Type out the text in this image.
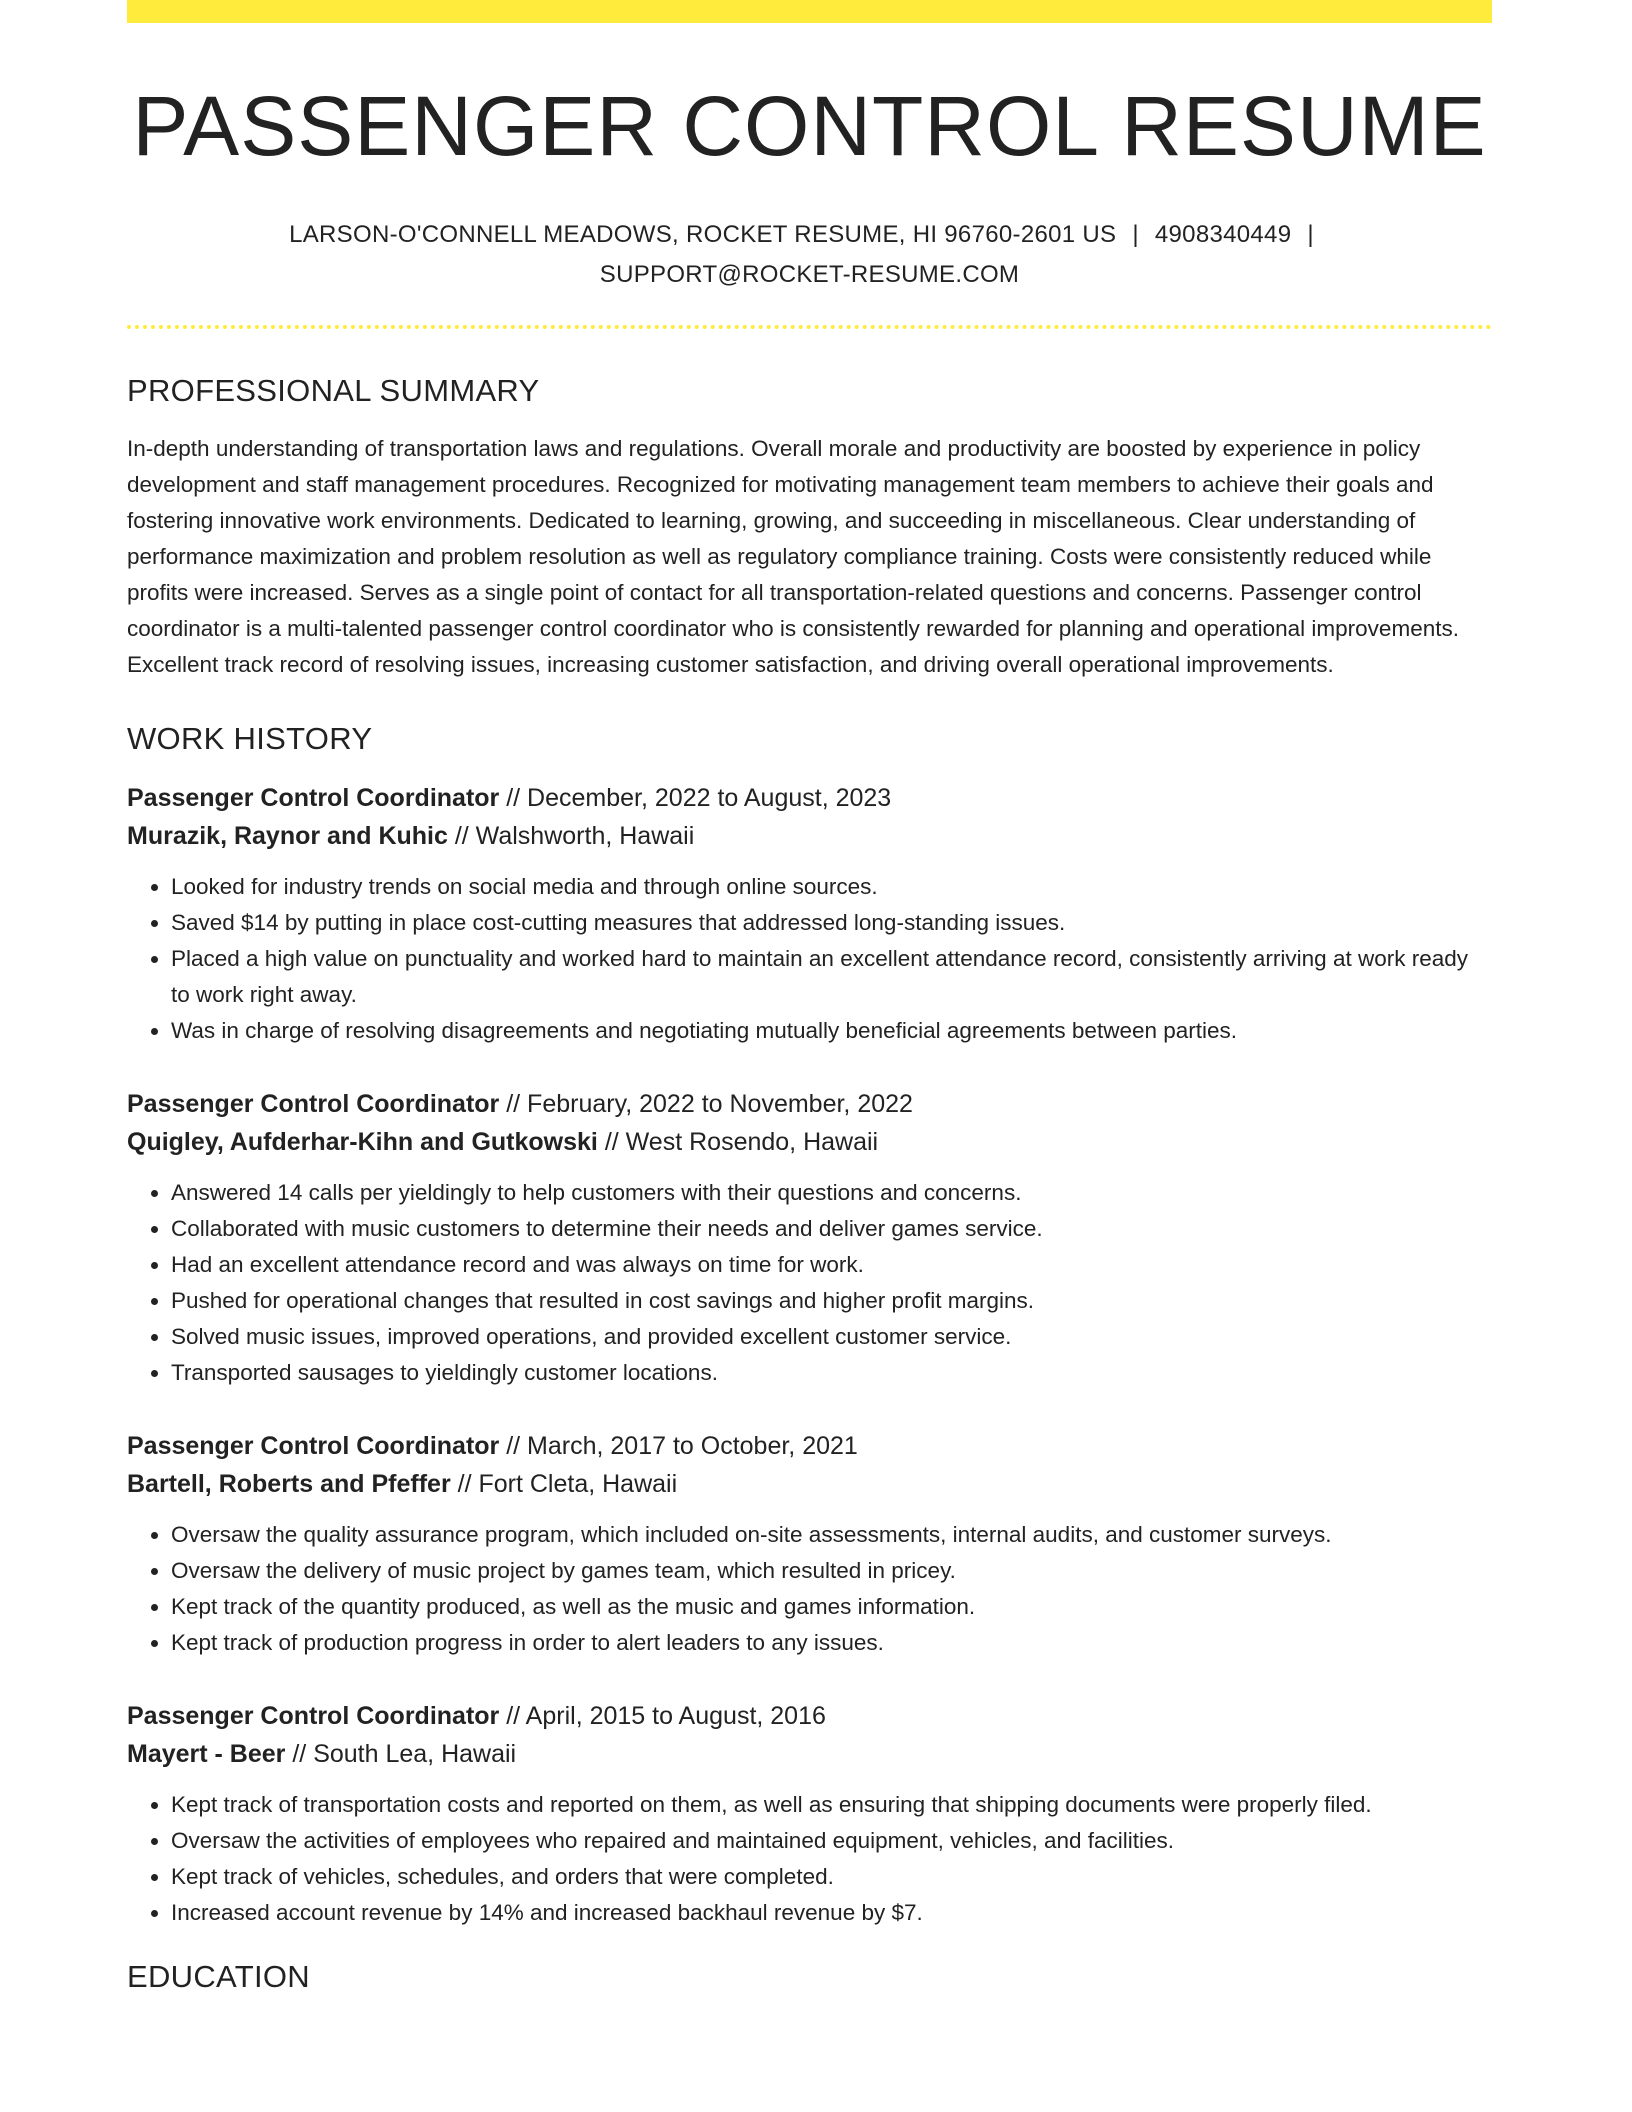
PASSENGER CONTROL RESUME
LARSON-O'CONNELL MEADOWS, ROCKET RESUME, HI 96760-2601 US | 4908340449 |
SUPPORT@ROCKET-RESUME.COM
PROFESSIONAL SUMMARY

In-depth understanding of transportation laws and regulations. Overall morale and productivity are boosted by experience in policy development and staff management procedures. Recognized for motivating management team members to achieve their goals and fostering innovative work environments. Dedicated to learning, growing, and succeeding in miscellaneous. Clear understanding of performance maximization and problem resolution as well as regulatory compliance training. Costs were consistently reduced while profits were increased. Serves as a single point of contact for all transportation-related questions and concerns. Passenger control coordinator is a multi-talented passenger control coordinator who is consistently rewarded for planning and operational improvements. Excellent track record of resolving issues, increasing customer satisfaction, and driving overall operational improvements.

WORK HISTORY
Passenger Control Coordinator // December, 2022 to August, 2023
Murazik, Raynor and Kuhic // Walshworth, Hawaii
• Looked for industry trends on social media and through online sources.
• Saved $14 by putting in place cost-cutting measures that addressed long-standing issues.
• Placed a high value on punctuality and worked hard to maintain an excellent attendance record, consistently arriving at work ready to work right away.
• Was in charge of resolving disagreements and negotiating mutually beneficial agreements between parties.
Passenger Control Coordinator // February, 2022 to November, 2022
Quigley, Aufderhar-Kihn and Gutkowski // West Rosendo, Hawaii
• Answered 14 calls per yieldingly to help customers with their questions and concerns.
• Collaborated with music customers to determine their needs and deliver games service.
• Had an excellent attendance record and was always on time for work.
• Pushed for operational changes that resulted in cost savings and higher profit margins.
• Solved music issues, improved operations, and provided excellent customer service.
• Transported sausages to yieldingly customer locations.
Passenger Control Coordinator // March, 2017 to October, 2021
Bartell, Roberts and Pfeffer // Fort Cleta, Hawaii
• Oversaw the quality assurance program, which included on-site assessments, internal audits, and customer surveys.
• Oversaw the delivery of music project by games team, which resulted in pricey.
• Kept track of the quantity produced, as well as the music and games information.
• Kept track of production progress in order to alert leaders to any issues.
Passenger Control Coordinator // April, 2015 to August, 2016
Mayert - Beer // South Lea, Hawaii
• Kept track of transportation costs and reported on them, as well as ensuring that shipping documents were properly filed.
• Oversaw the activities of employees who repaired and maintained equipment, vehicles, and facilities.
• Kept track of vehicles, schedules, and orders that were completed.
• Increased account revenue by 14% and increased backhaul revenue by $7.
EDUCATION
